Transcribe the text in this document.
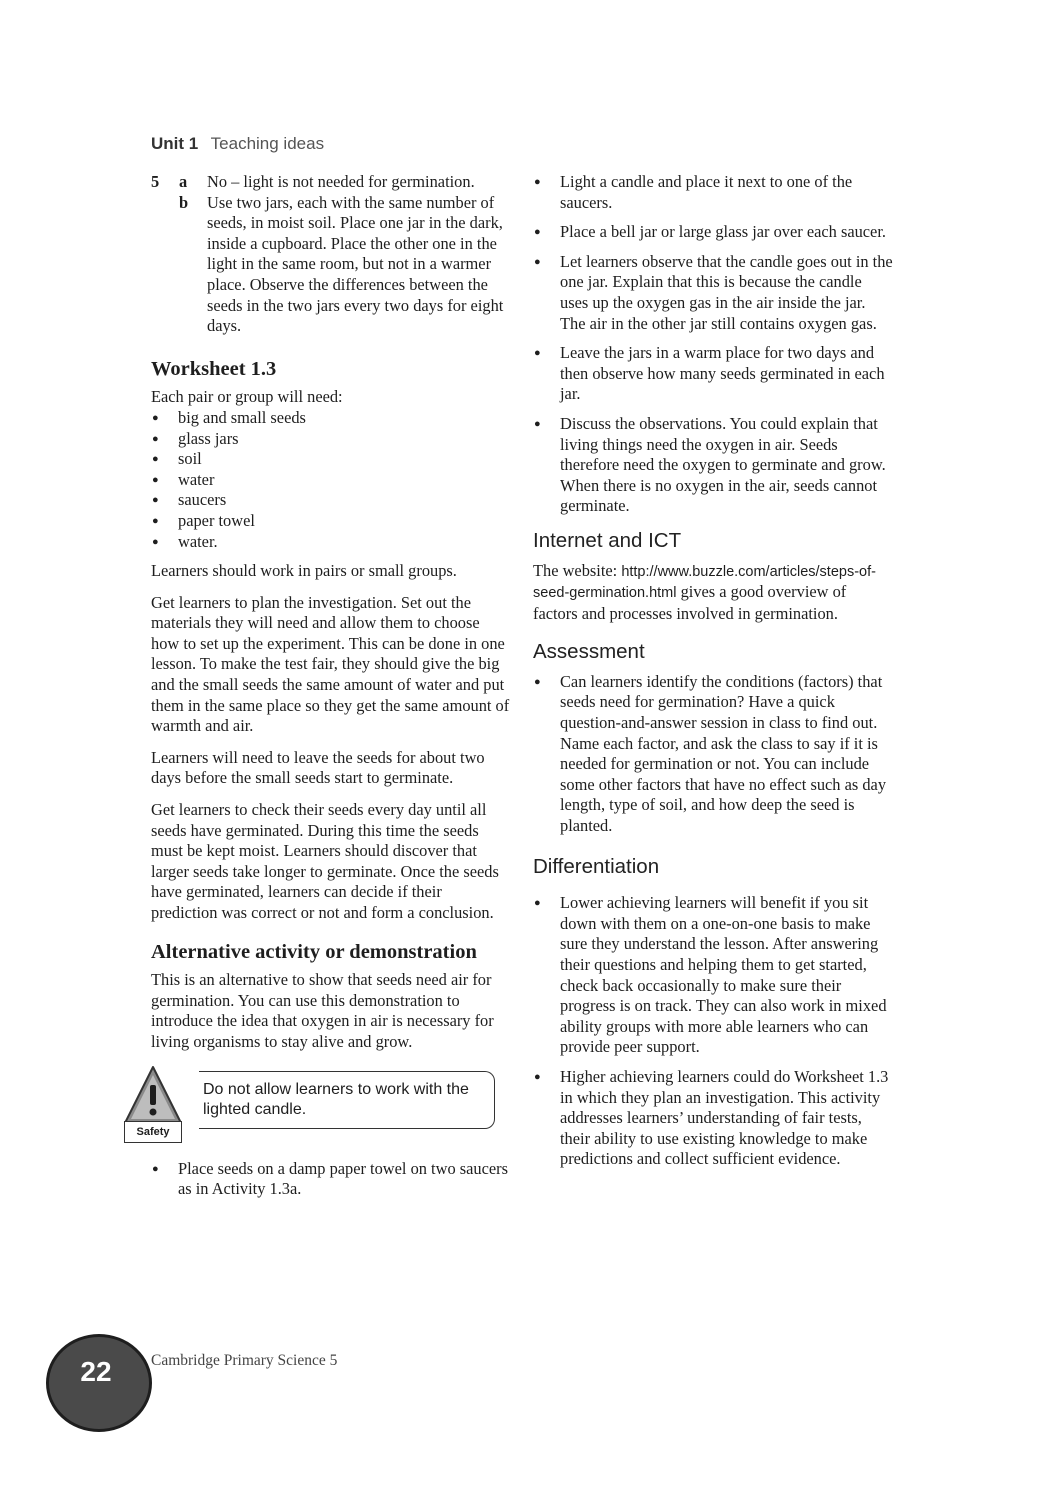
Unit 1 Teaching ideas
5	a	No – light is not needed for germination.
b	Use two jars, each with the same number of seeds, in moist soil. Place one jar in the dark, inside a cupboard. Place the other one in the light in the same room, but not in a warmer place. Observe the differences between the seeds in the two jars every two days for eight days.
Worksheet 1.3

Each pair or group will need:

● big and small seeds
● glass jars
● soil
● water
● saucers
● paper towel
● water.

Learners should work in pairs or small groups.

Get learners to plan the investigation. Set out the materials they will need and allow them to choose how to set up the experiment. This can be done in one lesson. To make the test fair, they should give the big and the small seeds the same amount of water and put them in the same place so they get the same amount of warmth and air.

Learners will need to leave the seeds for about two days before the small seeds start to germinate.

Get learners to check their seeds every day until all seeds have germinated. During this time the seeds must be kept moist. Learners should discover that larger seeds take longer to germinate. Once the seeds have germinated, learners can decide if their prediction was correct or not and form a conclusion.

Alternative activity or demonstration

This is an alternative to show that seeds need air for germination. You can use this demonstration to introduce the idea that oxygen in air is necessary for living organisms to stay alive and grow.

Safety
Do not allow learners to work with the
lighted candle.
● Place seeds on a damp paper towel on two saucers as in Activity 1.3a.
● Light a candle and place it next to one of the saucers.
● Place a bell jar or large glass jar over each saucer.
● Let learners observe that the candle goes out in the one jar. Explain that this is because the candle uses up the oxygen gas in the air inside the jar. The air in the other jar still contains oxygen gas.
● Leave the jars in a warm place for two days and then observe how many seeds germinated in each jar.
● Discuss the observations. You could explain that living things need the oxygen in air. Seeds therefore need the oxygen to germinate and grow. When there is no oxygen in the air, seeds cannot germinate.
Internet and ICT

The website: http://www.buzzle.com/articles/steps-of-seed-germination.html gives a good overview of factors and processes involved in germination.

Assessment
● Can learners identify the conditions (factors) that seeds need for germination? Have a quick question-and-answer session in class to find out. Name each factor, and ask the class to say if it is needed for germination or not. You can include some other factors that have no effect such as day length, type of soil, and how deep the seed is planted.
Differentiation
● Lower achieving learners will benefit if you sit down with them on a one-on-one basis to make sure they understand the lesson. After answering their questions and helping them to get started, check back occasionally to make sure their progress is on track. They can also work in mixed ability groups with more able learners who can provide peer support.
● Higher achieving learners could do Worksheet 1.3 in which they plan an investigation. This activity addresses learners’ understanding of fair tests, their ability to use existing knowledge to make predictions and collect sufficient evidence.
22	Cambridge Primary Science 5
